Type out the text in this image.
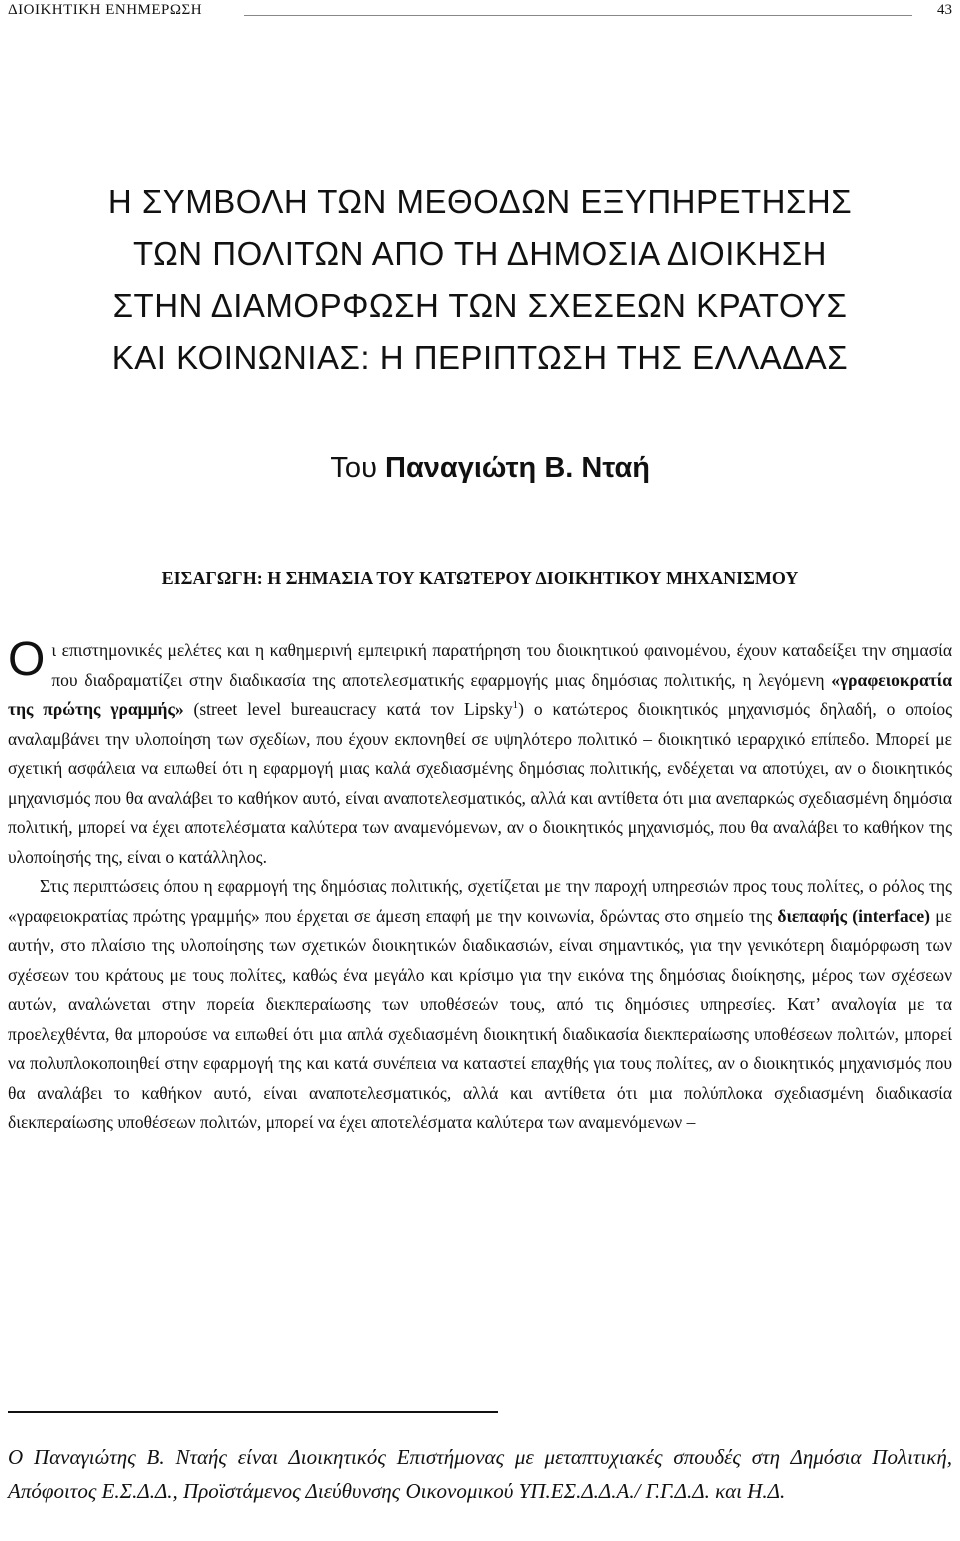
ΔΙΟΙΚΗΤΙΚΗ ΕΝΗΜΕΡΩΣΗ	43
Η ΣΥΜΒΟΛΗ ΤΩΝ ΜΕΘΟΔΩΝ ΕΞΥΠΗΡΕΤΗΣΗΣ
ΤΩΝ ΠΟΛΙΤΩΝ ΑΠΟ ΤΗ ΔΗΜΟΣΙΑ ΔΙΟΙΚΗΣΗ
ΣΤΗΝ ΔΙΑΜΟΡΦΩΣΗ ΤΩΝ ΣΧΕΣΕΩΝ ΚΡΑΤΟΥΣ
ΚΑΙ ΚΟΙΝΩΝΙΑΣ: Η ΠΕΡΙΠΤΩΣΗ ΤΗΣ ΕΛΛΑΔΑΣ
Του Παναγιώτη Β. Νταή
ΕΙΣΑΓΩΓΗ: Η ΣΗΜΑΣΙΑ ΤΟΥ ΚΑΤΩΤΕΡΟΥ ΔΙΟΙΚΗΤΙΚΟΥ ΜΗΧΑΝΙΣΜΟΥ

Οι επιστημονικές μελέτες και η καθημερινή εμπειρική παρατήρηση του διοικητικού φαινομένου, έχουν καταδείξει την σημασία που διαδραματίζει στην διαδικασία της αποτελεσματικής εφαρμογής μιας δημόσιας πολιτικής, η λεγόμενη «γραφειοκρατία της πρώτης γραμμής» (street level bureaucracy κατά τον Lipsky$^1$) ο κατώτερος διοικητικός μηχανισμός δηλαδή, ο οποίος αναλαμβάνει την υλοποίηση των σχεδίων, που έχουν εκπονηθεί σε υψηλότερο πολιτικό – διοικητικό ιεραρχικό επίπεδο. Μπορεί με σχετική ασφάλεια να ειπωθεί ότι η εφαρμογή μιας καλά σχεδιασμένης δημόσιας πολιτικής, ενδέχεται να αποτύχει, αν ο διοικητικός μηχανισμός που θα αναλάβει το καθήκον αυτό, είναι αναποτελεσματικός, αλλά και αντίθετα ότι μια ανεπαρκώς σχεδιασμένη δημόσια πολιτική, μπορεί να έχει αποτελέσματα καλύτερα των αναμενόμενων, αν ο διοικητικός μηχανισμός, που θα αναλάβει το καθήκον της υλοποίησής της, είναι ο κατάλληλος.

Στις περιπτώσεις όπου η εφαρμογή της δημόσιας πολιτικής, σχετίζεται με την παροχή υπηρεσιών προς τους πολίτες, ο ρόλος της «γραφειοκρατίας πρώτης γραμμής» που έρχεται σε άμεση επαφή με την κοινωνία, δρώντας στο σημείο της διεπαφής (interface) με αυτήν, στο πλαίσιο της υλοποίησης των σχετικών διοικητικών διαδικασιών, είναι σημαντικός, για την γενικότερη διαμόρφωση των σχέσεων του κράτους με τους πολίτες, καθώς ένα μεγάλο και κρίσιμο για την εικόνα της δημόσιας διοίκησης, μέρος των σχέσεων αυτών, αναλώνεται στην πορεία διεκπεραίωσης των υποθέσεών τους, από τις δημόσιες υπηρεσίες. Κατ’ αναλογία με τα προελεχθέντα, θα μπορούσε να ειπωθεί ότι μια απλά σχεδιασμένη διοικητική διαδικασία διεκπεραίωσης υποθέσεων πολιτών, μπορεί να πολυπλοκοποιηθεί στην εφαρμογή της και κατά συνέπεια να καταστεί επαχθής για τους πολίτες, αν ο διοικητικός μηχανισμός που θα αναλάβει το καθήκον αυτό, είναι αναποτελεσματικός, αλλά και αντίθετα ότι μια πολύπλοκα σχεδιασμένη διαδικασία διεκπεραίωσης υποθέσεων πολιτών, μπορεί να έχει αποτελέσματα καλύτερα των αναμενόμενων –

Ο Παναγιώτης Β. Νταής είναι Διοικητικός Επιστήμονας με μεταπτυχιακές σπουδές στη Δημόσια Πολιτική, Απόφοιτος Ε.Σ.Δ.Δ., Προϊστάμενος Διεύθυνσης Οικονομικού ΥΠ.ΕΣ.Δ.Δ.Α./ Γ.Γ.Δ.Δ. και Η.Δ.
